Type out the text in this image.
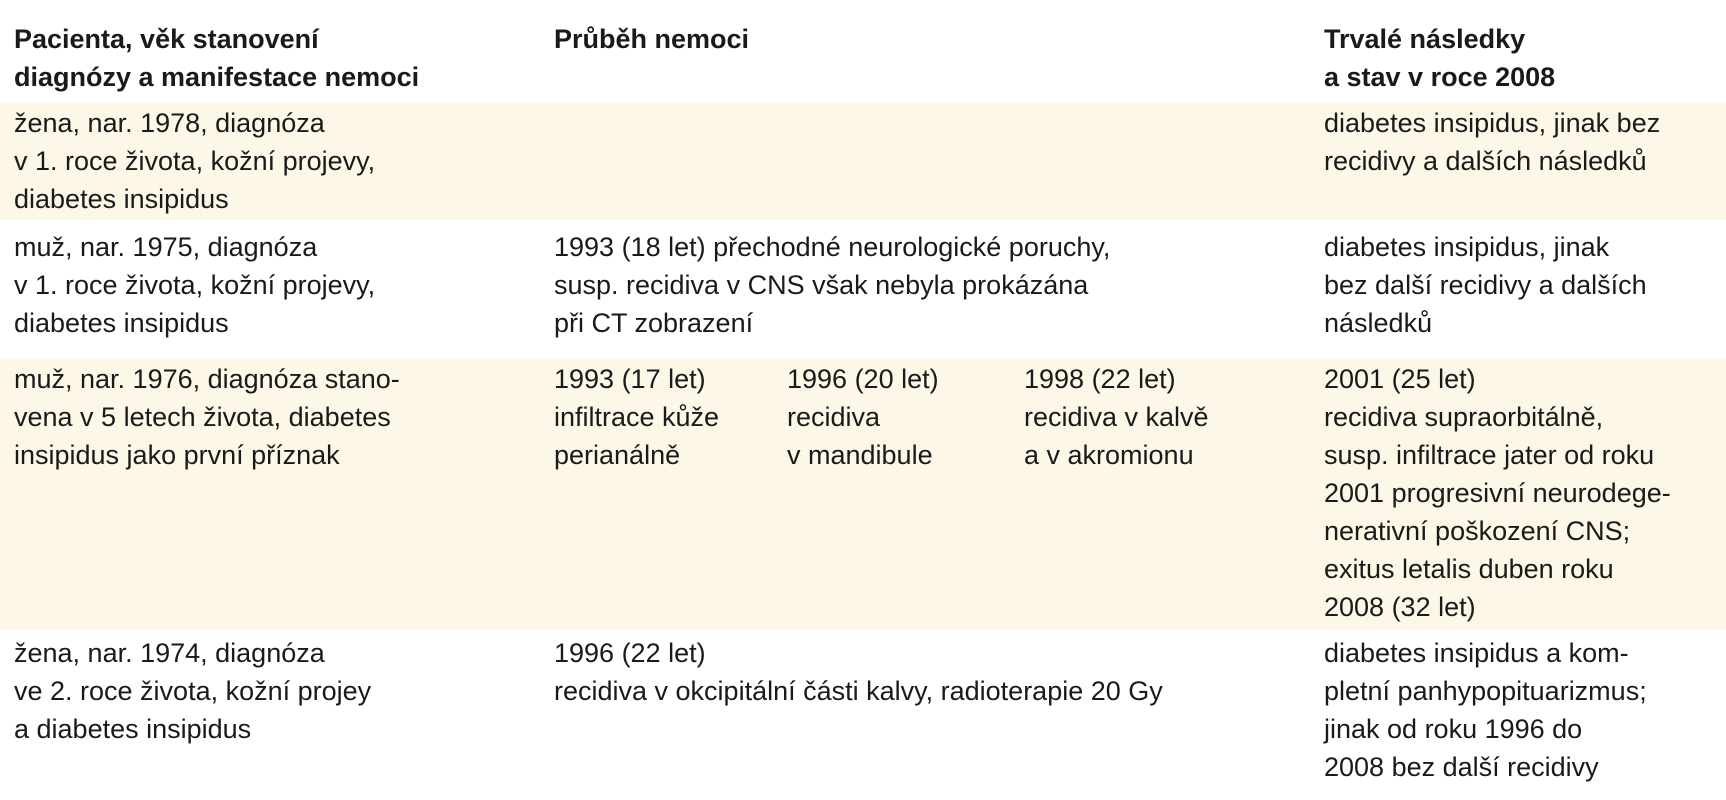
Pacienta, věk stanovení
diagnózy a manifestace nemoci
Průběh nemoci	Trvalé následky
a stav v roce 2008
žena, nar. 1978, diagnóza
v 1. roce života, kožní projevy,
diabetes insipidus
diabetes insipidus, jinak bez
recidivy a dalších následků
muž, nar. 1975, diagnóza
v 1. roce života, kožní projevy,
diabetes insipidus
1993 (18 let) přechodné neurologické poruchy,
susp. recidiva v CNS však nebyla prokázána
při CT zobrazení
diabetes insipidus, jinak
bez další recidivy a dalších
následků
muž, nar. 1976, diagnóza stano-
vena v 5 letech života, diabetes
insipidus jako první příznak

1993 (17 let)
infiltrace kůže
perianálně

1996 (20 let)
recidiva
v mandibule

1998 (22 let)
recidiva v kalvě
a v akromionu

2001 (25 let)
recidiva supraorbitálně,
susp. infiltrace jater od roku
2001 progresivní neurodege-
nerativní poškození CNS;
exitus letalis duben roku
2008 (32 let)
žena, nar. 1974, diagnóza
ve 2. roce života, kožní projey
a diabetes insipidus
1996 (22 let)
recidiva v okcipitální části kalvy, radioterapie 20 Gy
diabetes insipidus a kom-
pletní panhypopituarizmus;
jinak od roku 1996 do
2008 bez další recidivy
